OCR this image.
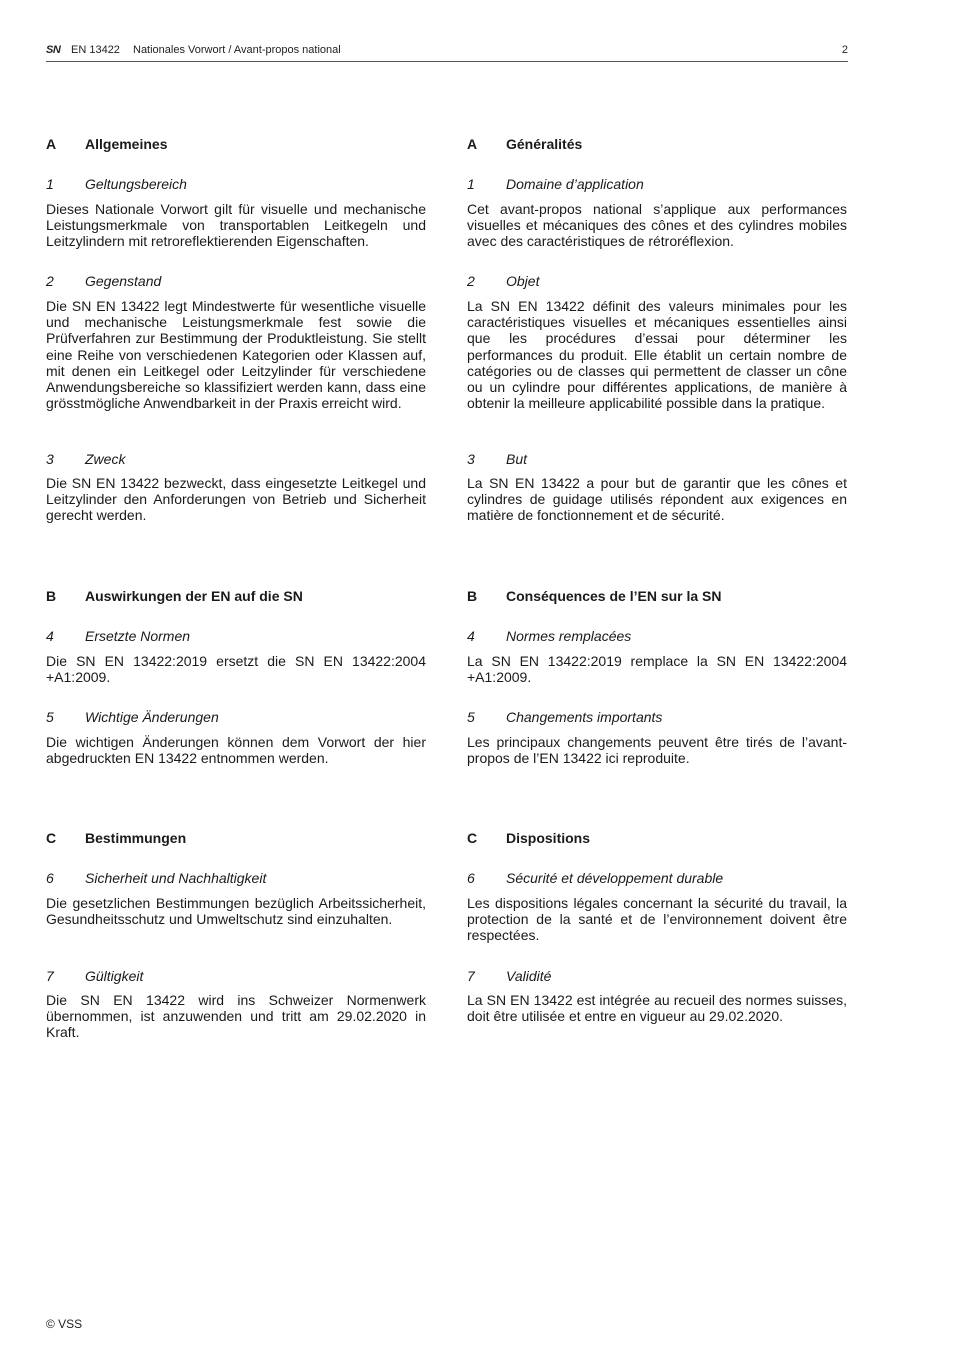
SN EN 13422 Nationales Vorwort / Avant-propos national	2
A Allgemeines
1 Geltungsbereich

Dieses Nationale Vorwort gilt für visuelle und mechanische Leistungsmerkmale von transportablen Leitkegeln und Leitzylindern mit retroreflektierenden Eigenschaften.

2 Gegenstand

Die SN EN 13422 legt Mindestwerte für wesentliche visuelle und mechanische Leistungsmerkmale fest sowie die Prüfverfahren zur Bestimmung der Produktleistung. Sie stellt eine Reihe von verschiedenen Kategorien oder Klassen auf, mit denen ein Leitkegel oder Leitzylinder für verschiedene Anwendungsbereiche so klassifiziert werden kann, dass eine grösstmögliche Anwendbarkeit in der Praxis erreicht wird.

3 Zweck

Die SN EN 13422 bezweckt, dass eingesetzte Leitkegel und Leitzylinder den Anforderungen von Betrieb und Sicherheit gerecht werden.

B Auswirkungen der EN auf die SN
4 Ersetzte Normen

Die SN EN 13422:2019 ersetzt die SN EN 13422:2004 +A1:2009.

5 Wichtige Änderungen

Die wichtigen Änderungen können dem Vorwort der hier abgedruckten EN 13422 entnommen werden.

C Bestimmungen
6 Sicherheit und Nachhaltigkeit

Die gesetzlichen Bestimmungen bezüglich Arbeitssicherheit, Gesundheitsschutz und Umweltschutz sind einzuhalten.

7 Gültigkeit

Die SN EN 13422 wird ins Schweizer Normenwerk übernommen, ist anzuwenden und tritt am 29.02.2020 in Kraft.

A Généralités
1 Domaine d’application

Cet avant-propos national s’applique aux performances visuelles et mécaniques des cônes et des cylindres mobiles avec des caractéristiques de rétroréflexion.

2 Objet

La SN EN 13422 définit des valeurs minimales pour les caractéristiques visuelles et mécaniques essentielles ainsi que les procédures d’essai pour déterminer les performances du produit. Elle établit un certain nombre de catégories ou de classes qui permettent de classer un cône ou un cylindre pour différentes applications, de manière à obtenir la meilleure applicabilité possible dans la pratique.

3 But

La SN EN 13422 a pour but de garantir que les cônes et cylindres de guidage utilisés répondent aux exigences en matière de fonctionnement et de sécurité.

B Conséquences de l’EN sur la SN
4 Normes remplacées

La SN EN 13422:2019 remplace la SN EN 13422:2004 +A1:2009.

5 Changements importants

Les principaux changements peuvent être tirés de l’avant-propos de l’EN 13422 ici reproduite.

C Dispositions
6 Sécurité et développement durable

Les dispositions légales concernant la sécurité du travail, la protection de la santé et de l’environnement doivent être respectées.

7 Validité

La SN EN 13422 est intégrée au recueil des normes suisses, doit être utilisée et entre en vigueur au 29.02.2020.

© VSS
